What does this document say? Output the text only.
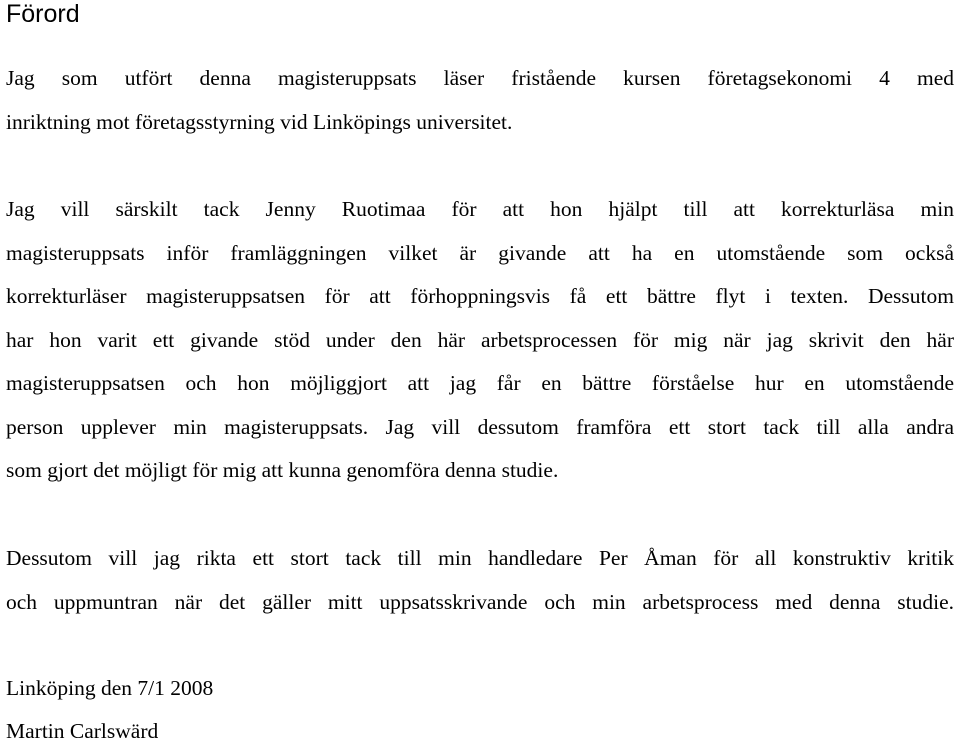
Förord
Jag som utfört denna magisteruppsats läser fristående kursen företagsekonomi 4 med
inriktning mot företagsstyrning vid Linköpings universitet.
Jag vill särskilt tack Jenny Ruotimaa för att hon hjälpt till att korrekturläsa min
magisteruppsats inför framläggningen vilket är givande att ha en utomstående som också
korrekturläser magisteruppsatsen för att förhoppningsvis få ett bättre flyt i texten. Dessutom
har hon varit ett givande stöd under den här arbetsprocessen för mig när jag skrivit den här
magisteruppsatsen och hon möjliggjort att jag får en bättre förståelse hur en utomstående
person upplever min magisteruppsats. Jag vill dessutom framföra ett stort tack till alla andra
som gjort det möjligt för mig att kunna genomföra denna studie.
Dessutom vill jag rikta ett stort tack till min handledare Per Åman för all konstruktiv kritik
och uppmuntran när det gäller mitt uppsatsskrivande och min arbetsprocess med denna studie.
Linköping den 7/1 2008
Martin Carlswärd
